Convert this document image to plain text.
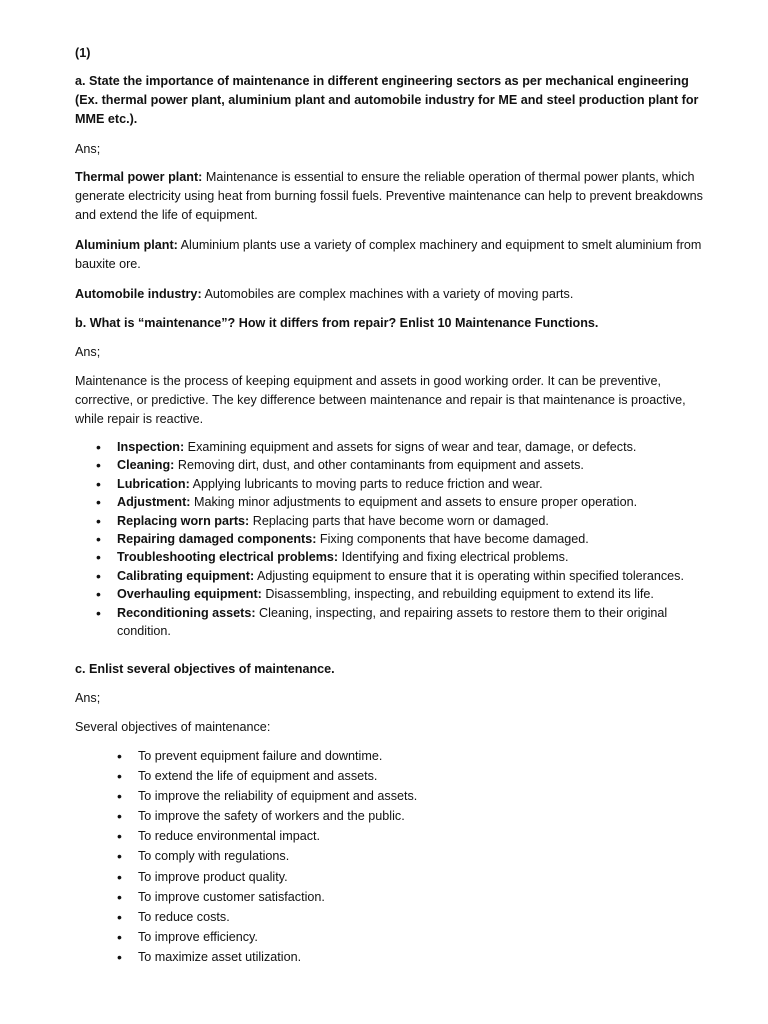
(1)

a. State the importance of maintenance in different engineering sectors as per mechanical engineering (Ex. thermal power plant, aluminium plant and automobile industry for ME and steel production plant for MME etc.).

Ans;

Thermal power plant: Maintenance is essential to ensure the reliable operation of thermal power plants, which generate electricity using heat from burning fossil fuels. Preventive maintenance can help to prevent breakdowns and extend the life of equipment.

Aluminium plant: Aluminium plants use a variety of complex machinery and equipment to smelt aluminium from bauxite ore.

Automobile industry: Automobiles are complex machines with a variety of moving parts.

b. What is “maintenance”? How it differs from repair? Enlist 10 Maintenance Functions.

Ans;

Maintenance is the process of keeping equipment and assets in good working order. It can be preventive, corrective, or predictive. The key difference between maintenance and repair is that maintenance is proactive, while repair is reactive.

• Inspection: Examining equipment and assets for signs of wear and tear, damage, or defects.
• Cleaning: Removing dirt, dust, and other contaminants from equipment and assets.
• Lubrication: Applying lubricants to moving parts to reduce friction and wear.
• Adjustment: Making minor adjustments to equipment and assets to ensure proper operation.
• Replacing worn parts: Replacing parts that have become worn or damaged.
• Repairing damaged components: Fixing components that have become damaged.
• Troubleshooting electrical problems: Identifying and fixing electrical problems.
• Calibrating equipment: Adjusting equipment to ensure that it is operating within specified tolerances.
• Overhauling equipment: Disassembling, inspecting, and rebuilding equipment to extend its life.
• Reconditioning assets: Cleaning, inspecting, and repairing assets to restore them to their original condition.

c. Enlist several objectives of maintenance.

Ans;

Several objectives of maintenance:

• To prevent equipment failure and downtime.
• To extend the life of equipment and assets.
• To improve the reliability of equipment and assets.
• To improve the safety of workers and the public.
• To reduce environmental impact.
• To comply with regulations.
• To improve product quality.
• To improve customer satisfaction.
• To reduce costs.
• To improve efficiency.
• To maximize asset utilization.
